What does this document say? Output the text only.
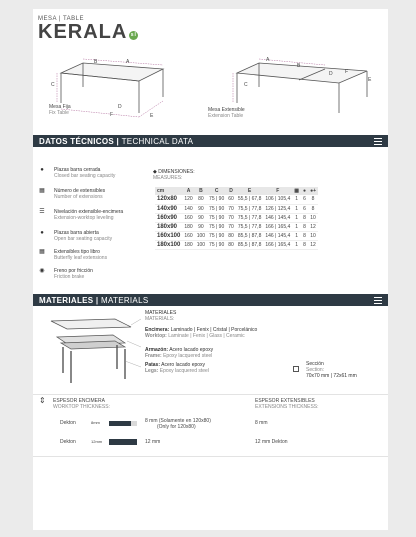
MESA | TABLE
KERALA sl
A
B
C
D
E
F
A
B
C
D
E
F
Mesa Fija
Fix Table	Mesa Extensible
Extension Table
DATOS TÉCNICOS | TECHNICAL DATA
● Plazas barra cerrada
Closed bar seating capacity
▦ Número de extensibles
Number of extensions
☰ Nivelación extensible-encimera
Extension-worktop leveling
● Plazas barra abierta
Open bar seating capacity
▦ Extensibles tipo libro
Butterfly leaf extensions
◉ Freno por fricción
Friction brake
◆ DIMENSIONES:
MEASURES:
cm	A	B	C	D	E	F	▦	●	●+
120x80	120	80	75 | 90	60	55,5 | 67,8	106 | 105,4	1	6	8
140x90	140	90	75 | 90	70	75,5 | 77,8	126 | 125,4	1	6	8
160x90	160	90	75 | 90	70	75,5 | 77,8	146 | 145,4	1	8	10
180x90	180	90	75 | 90	70	75,5 | 77,8	166 | 165,4	1	8	12
160x100	160	100	75 | 90	80	85,5 | 87,8	146 | 145,4	1	8	10
180x100	180	100	75 | 90	80	85,5 | 87,8	166 | 165,4	1	8	12
MATERIALES | MATERIALS
MATERIALES
MATERIALS:
Encimera: Laminado | Fenix | Cristal | Porcelánico
Worktop: Laminate | Fenix | Glass | Ceramic
Armazón: Acero lacado epoxy
Frame: Epoxy lacquered steel
Patas: Acero lacado epoxy
Legs: Epoxy lacquered steel
Sección
Section:
70x70 mm | 72x61 mm
⇕ ESPESOR ENCIMERA
WORKTOP THICKNESS:
ESPESOR EXTENSIBLES
EXTENSIONS THICKNESS:
Dekton	8mm	8 mm (Solamente en 120x80)
(Only for 120x80)
8 mm
Dekton	12mm	12 mm	12 mm Dekton
